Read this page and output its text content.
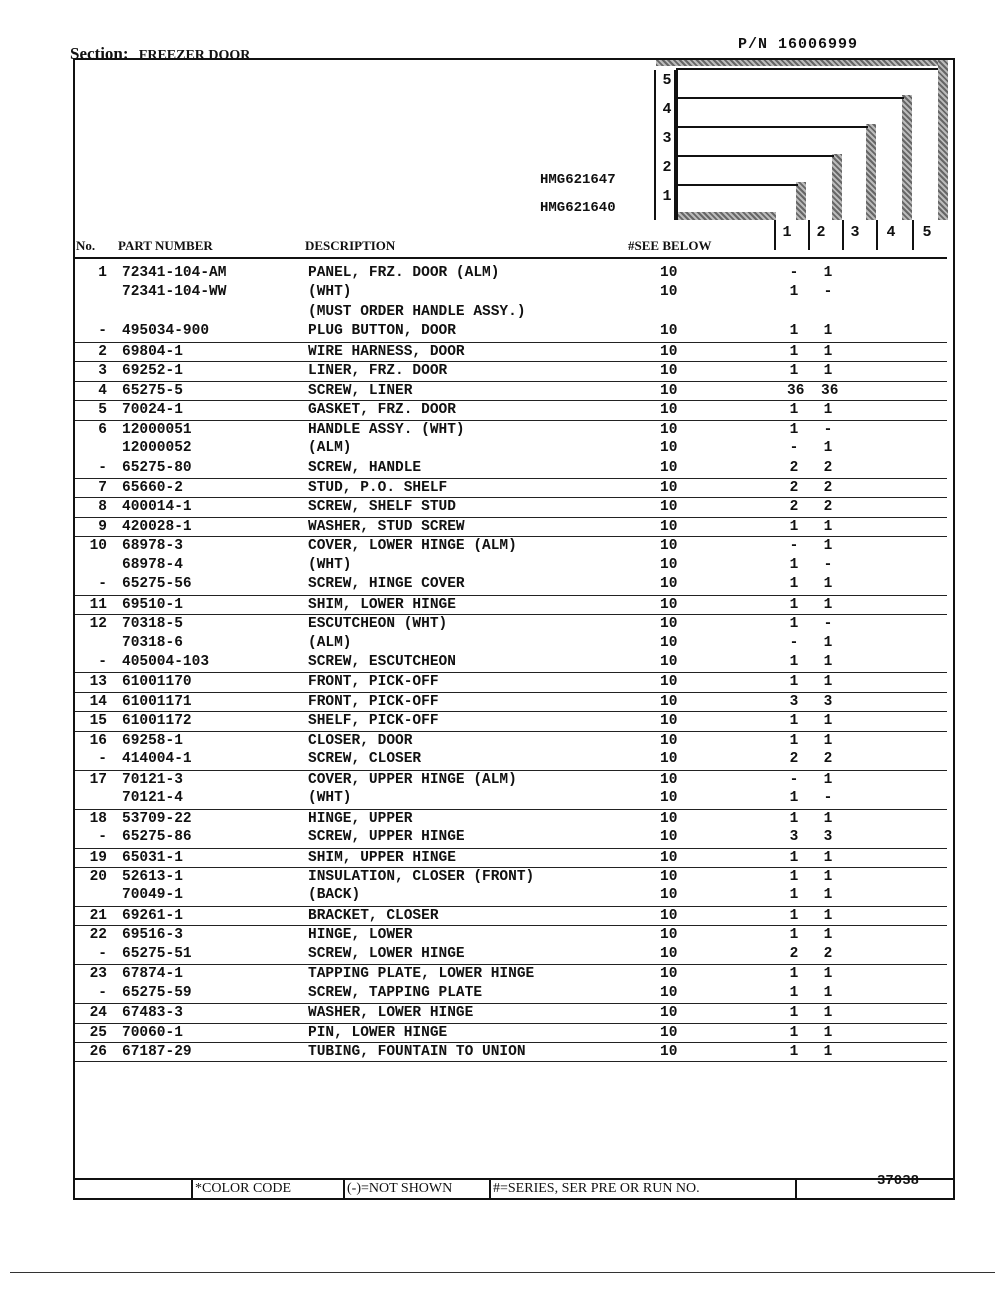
Section: FREEZER DOOR
P/N 16006999
5
4
3
2
1
1	2	3	4	5
HMG621647
HMG621640
No. PART NUMBER	DESCRIPTION	#SEE BELOW
1 72341-104-AM	PANEL, FRZ. DOOR (ALM)	10	- 1
72341-104-WW	(WHT)	10	1 -
(MUST ORDER HANDLE ASSY.)
- 495034-900	PLUG BUTTON, DOOR	10	1 1
2 69804-1	WIRE HARNESS, DOOR	10	1 1
3 69252-1	LINER, FRZ. DOOR	10	1 1
4 65275-5	SCREW, LINER	10	36 36
5 70024-1	GASKET, FRZ. DOOR	10	1 1
6 12000051	HANDLE ASSY. (WHT)	10	1 -
12000052	(ALM)	10	- 1
- 65275-80	SCREW, HANDLE	10	2 2
7 65660-2	STUD, P.O. SHELF	10	2 2
8 400014-1	SCREW, SHELF STUD	10	2 2
9 420028-1	WASHER, STUD SCREW	10	1 1
10 68978-3	COVER, LOWER HINGE (ALM)	10	- 1
68978-4	(WHT)	10	1 -
- 65275-56	SCREW, HINGE COVER	10	1 1
11 69510-1	SHIM, LOWER HINGE	10	1 1
12 70318-5	ESCUTCHEON (WHT)	10	1 -
70318-6	(ALM)	10	- 1
- 405004-103	SCREW, ESCUTCHEON	10	1 1
13 61001170	FRONT, PICK-OFF	10	1 1
14 61001171	FRONT, PICK-OFF	10	3 3
15 61001172	SHELF, PICK-OFF	10	1 1
16 69258-1	CLOSER, DOOR	10	1 1
- 414004-1	SCREW, CLOSER	10	2 2
17 70121-3	COVER, UPPER HINGE (ALM)	10	- 1
70121-4	(WHT)	10	1 -
18 53709-22	HINGE, UPPER	10	1 1
- 65275-86	SCREW, UPPER HINGE	10	3 3
19 65031-1	SHIM, UPPER HINGE	10	1 1
20 52613-1	INSULATION, CLOSER (FRONT)	10	1 1
70049-1	(BACK)	10	1 1
21 69261-1	BRACKET, CLOSER	10	1 1
22 69516-3	HINGE, LOWER	10	1 1
- 65275-51	SCREW, LOWER HINGE	10	2 2
23 67874-1	TAPPING PLATE, LOWER HINGE	10	1 1
- 65275-59	SCREW, TAPPING PLATE	10	1 1
24 67483-3	WASHER, LOWER HINGE	10	1 1
25 70060-1	PIN, LOWER HINGE	10	1 1
26 67187-29	TUBING, FOUNTAIN TO UNION	10	1 1
*COLOR CODE	(-)=NOT SHOWN	#=SERIES, SER PRE OR RUN NO.	37038
